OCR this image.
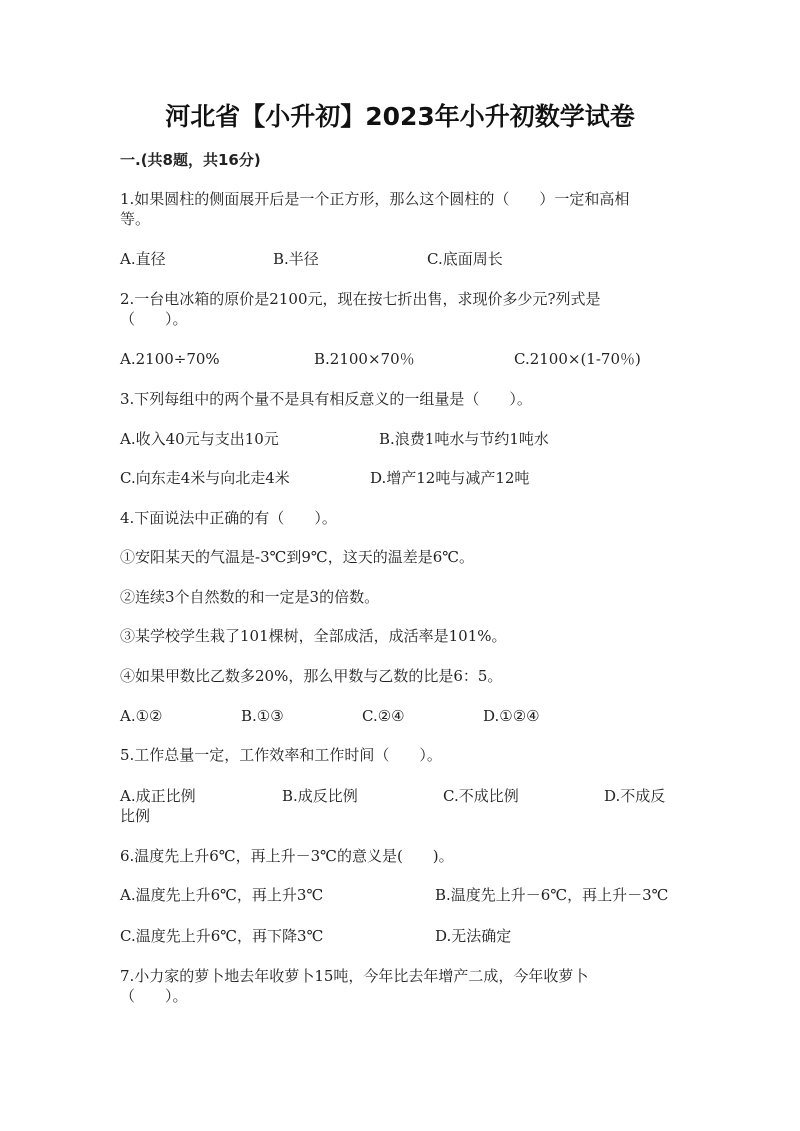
河北省【小升初】2023年小升初数学试卷
一.(共8题，共16分)
1.如果圆柱的侧面展开后是一个正方形，那么这个圆柱的（　　）一定和高相
等。
A.直径	B.半径	C.底面周长
2.一台电冰箱的原价是2100元，现在按七折出售，求现价多少元?列式是
（　　）。
A.2100÷70%	B.2100×70％	C.2100×(1-70％)
3.下列每组中的两个量不是具有相反意义的一组量是（　　）。
A.收入40元与支出10元	B.浪费1吨水与节约1吨水
C.向东走4米与向北走4米	D.增产12吨与减产12吨
4.下面说法中正确的有（　　）。
①安阳某天的气温是-3℃到9℃，这天的温差是6℃。
②连续3个自然数的和一定是3的倍数。
③某学校学生栽了101棵树，全部成活，成活率是101%。
④如果甲数比乙数多20%，那么甲数与乙数的比是6：5。
A.①②	B.①③	C.②④	D.①②④
5.工作总量一定，工作效率和工作时间（　　）。
A.成正比例	B.成反比例	C.不成比例	D.不成反
比例
6.温度先上升6℃，再上升－3℃的意义是(　　)。
A.温度先上升6℃，再上升3℃	B.温度先上升－6℃，再上升－3℃
C.温度先上升6℃，再下降3℃	D.无法确定
7.小力家的萝卜地去年收萝卜15吨，今年比去年增产二成，今年收萝卜
（　　）。
